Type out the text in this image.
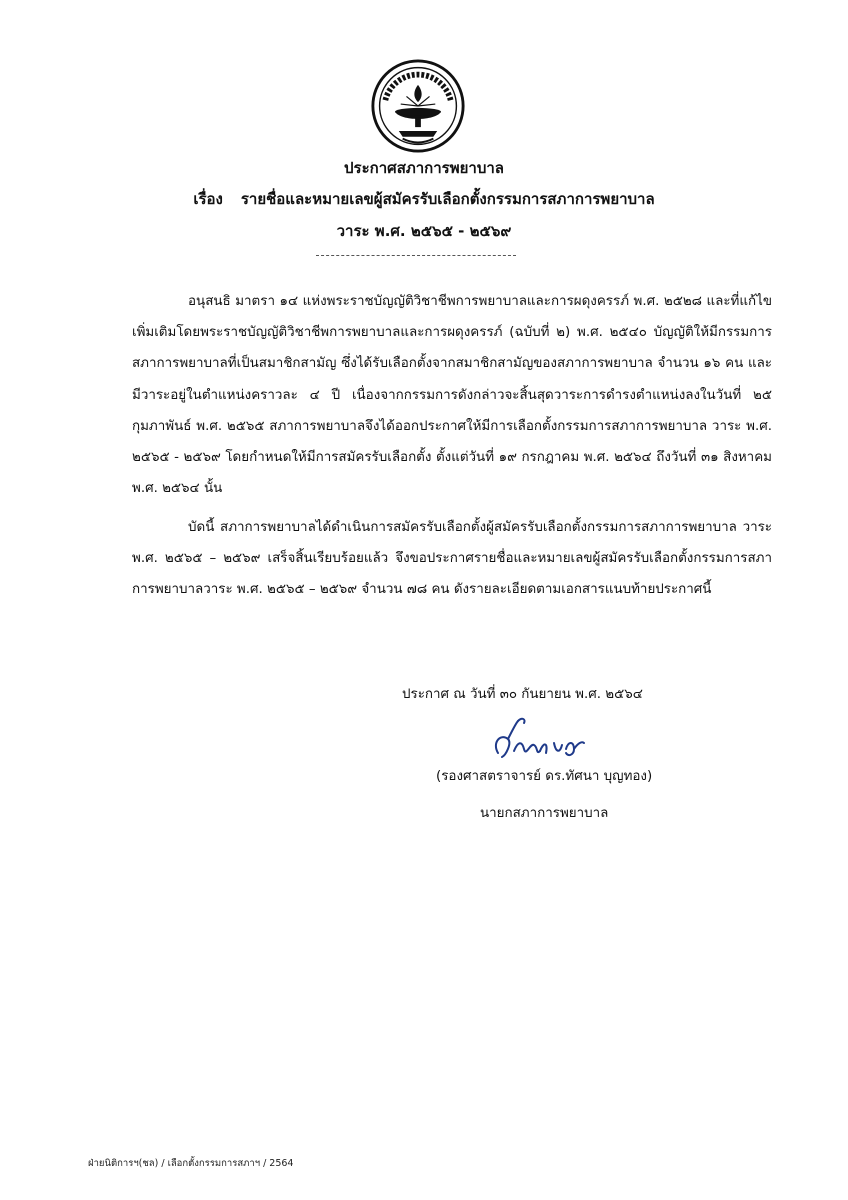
ประกาศสภาการพยาบาล
เรื่อง รายชื่อและหมายเลขผู้สมัครรับเลือกตั้งกรรมการสภาการพยาบาล
วาระ พ.ศ. ๒๕๖๕ - ๒๕๖๙

อนุสนธิ มาตรา ๑๔ แห่งพระราชบัญญัติวิชาชีพการพยาบาลและการผดุงครรภ์ พ.ศ. ๒๕๒๘ และที่แก้ไขเพิ่มเติมโดยพระราชบัญญัติวิชาชีพการพยาบาลและการผดุงครรภ์ (ฉบับที่ ๒) พ.ศ. ๒๕๔๐ บัญญัติให้มีกรรมการสภาการพยาบาลที่เป็นสมาชิกสามัญ ซึ่งได้รับเลือกตั้งจากสมาชิกสามัญของสภาการพยาบาล จำนวน ๑๖ คน และมีวาระอยู่ในตำแหน่งคราวละ ๔ ปี เนื่องจากกรรมการดังกล่าวจะสิ้นสุดวาระการดำรงตำแหน่งลงในวันที่ ๒๕ กุมภาพันธ์ พ.ศ. ๒๕๖๕ สภาการพยาบาลจึงได้ออกประกาศให้มีการเลือกตั้งกรรมการสภาการพยาบาล วาระ พ.ศ. ๒๕๖๕ - ๒๕๖๙ โดยกำหนดให้มีการสมัครรับเลือกตั้ง ตั้งแต่วันที่ ๑๙ กรกฎาคม พ.ศ. ๒๕๖๔ ถึงวันที่ ๓๑ สิงหาคม พ.ศ. ๒๕๖๔ นั้น

บัดนี้ สภาการพยาบาลได้ดำเนินการสมัครรับเลือกตั้งผู้สมัครรับเลือกตั้งกรรมการสภาการพยาบาล วาระ พ.ศ. ๒๕๖๕ – ๒๕๖๙ เสร็จสิ้นเรียบร้อยแล้ว จึงขอประกาศรายชื่อและหมายเลขผู้สมัครรับเลือกตั้งกรรมการสภาการพยาบาลวาระ พ.ศ. ๒๕๖๕ – ๒๕๖๙ จำนวน ๗๘ คน ดังรายละเอียดตามเอกสารแนบท้ายประกาศนี้

ประกาศ ณ วันที่ ๓๐ กันยายน พ.ศ. ๒๕๖๔
(รองศาสตราจารย์ ดร.ทัศนา บุญทอง)
นายกสภาการพยาบาล
ฝ่ายนิติการฯ(ชล) / เลือกตั้งกรรมการสภาฯ / 2564
